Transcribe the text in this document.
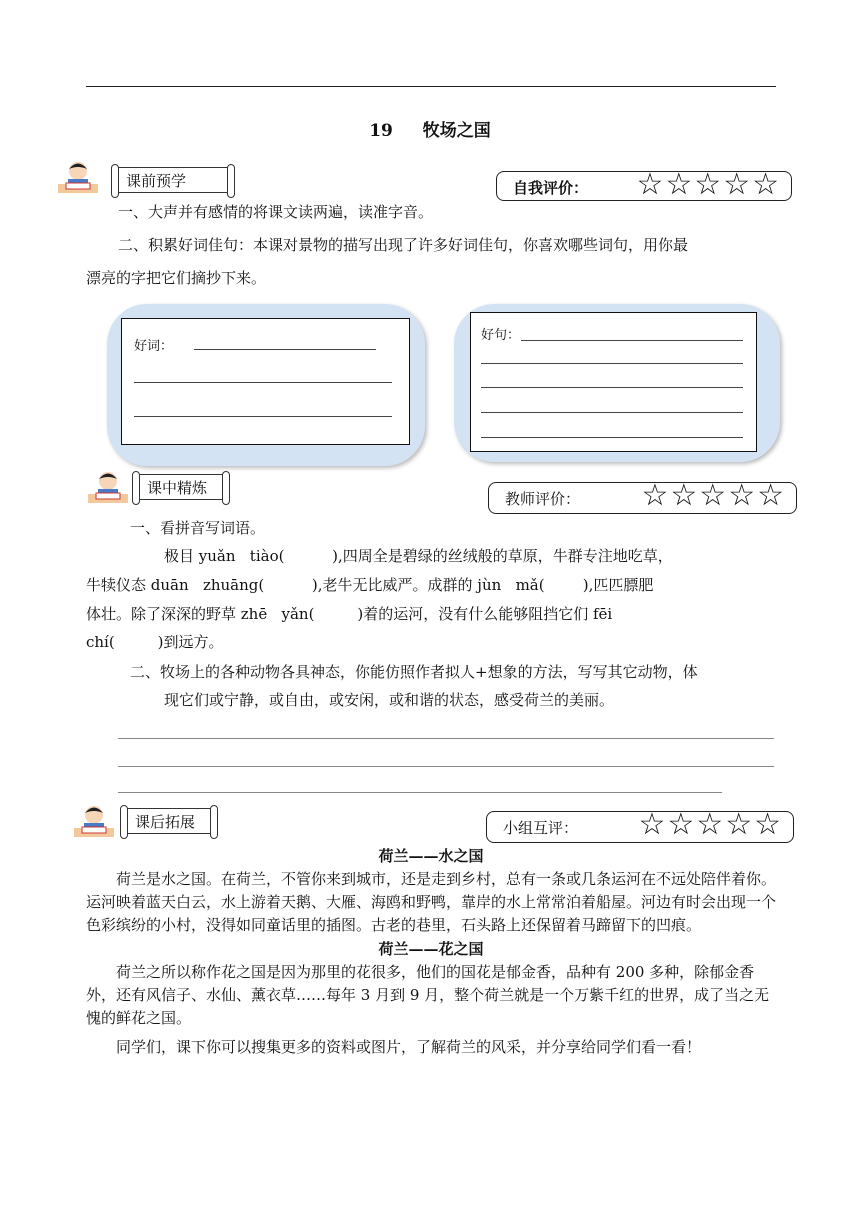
19 牧场之国
课前预学	自我评价： ☆☆☆☆☆
一、大声并有感情的将课文读两遍，读准字音。
二、积累好词佳句：本课对景物的描写出现了许多好词佳句，你喜欢哪些词句，用你最
漂亮的字把它们摘抄下来。
好词：
好句：
课中精炼
教师评价： ☆☆☆☆☆
一、看拼音写词语。
极目 yuǎn   tiào(          ),四周全是碧绿的丝绒般的草原，牛群专注地吃草，
牛犊仪态 duān   zhuāng(          ),老牛无比威严。成群的 jùn   mǎ(        ),匹匹膘肥
体壮。除了深深的野草 zhē   yǎn(         )着的运河，没有什么能够阻挡它们 fēi
chí(         )到远方。
二、牧场上的各种动物各具神态，你能仿照作者拟人+想象的方法，写写其它动物，体
现它们或宁静，或自由，或安闲，或和谐的状态，感受荷兰的美丽。
课后拓展	小组互评： ☆☆☆☆☆
荷兰——水之国
荷兰是水之国。在荷兰，不管你来到城市，还是走到乡村，总有一条或几条运河在不远处陪伴着你。运河映着蓝天白云，水上游着天鹅、大雁、海鸥和野鸭，靠岸的水上常常泊着船屋。河边有时会出现一个色彩缤纷的小村，没得如同童话里的插图。古老的巷里，石头路上还保留着马蹄留下的凹痕。
荷兰——花之国
荷兰之所以称作花之国是因为那里的花很多，他们的国花是郁金香，品种有 200 多种，除郁金香外，还有风信子、水仙、薰衣草……每年 3 月到 9 月，整个荷兰就是一个万紫千红的世界，成了当之无愧的鲜花之国。
同学们，课下你可以搜集更多的资料或图片，了解荷兰的风采，并分享给同学们看一看！
